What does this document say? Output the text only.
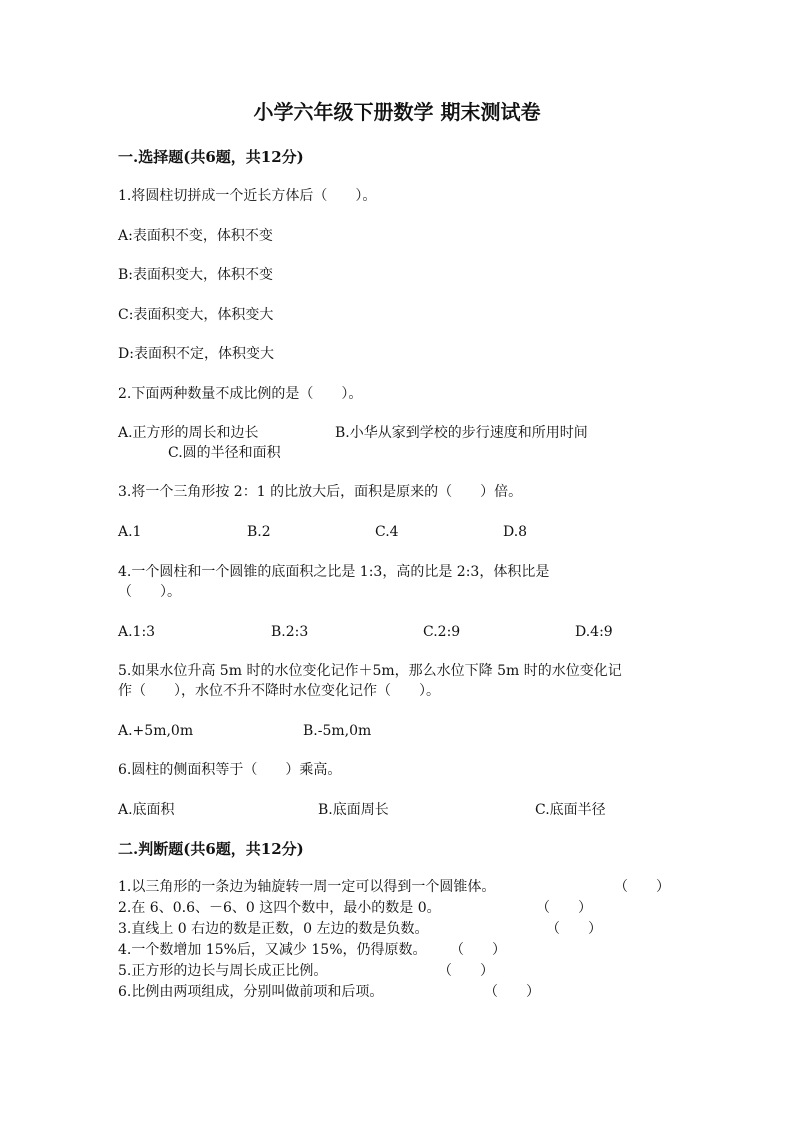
小学六年级下册数学 期末测试卷
一.选择题(共6题，共12分)
1.将圆柱切拼成一个近长方体后（　　）。
A:表面积不变，体积不变
B:表面积变大，体积不变
C:表面积变大，体积变大
D:表面积不定，体积变大
2.下面两种数量不成比例的是（　　）。
A.正方形的周长和边长	B.小华从家到学校的步行速度和所用时间
C.圆的半径和面积
3.将一个三角形按 2：1 的比放大后，面积是原来的（　　）倍。
A.1	B.2	C.4	D.8
4.一个圆柱和一个圆锥的底面积之比是 1:3，高的比是 2:3，体积比是
（　　）。
A.1:3	B.2:3	C.2:9	D.4:9
5.如果水位升高 5m 时的水位变化记作＋5m，那么水位下降 5m 时的水位变化记
作（　　），水位不升不降时水位变化记作（　　）。
A.+5m,0m	B.-5m,0m
6.圆柱的侧面积等于（　　）乘高。
A.底面积	B.底面周长	C.底面半径
二.判断题(共6题，共12分)
1.以三角形的一条边为轴旋转一周一定可以得到一个圆锥体。	（　　）
2.在 6、0.6、－6、0 这四个数中，最小的数是 0。	（　　）
3.直线上 0 右边的数是正数，0 左边的数是负数。	（　　）
4.一个数增加 15%后，又减少 15%，仍得原数。 （　　）
5.正方形的边长与周长成正比例。	（　　）
6.比例由两项组成，分别叫做前项和后项。	（　　）
